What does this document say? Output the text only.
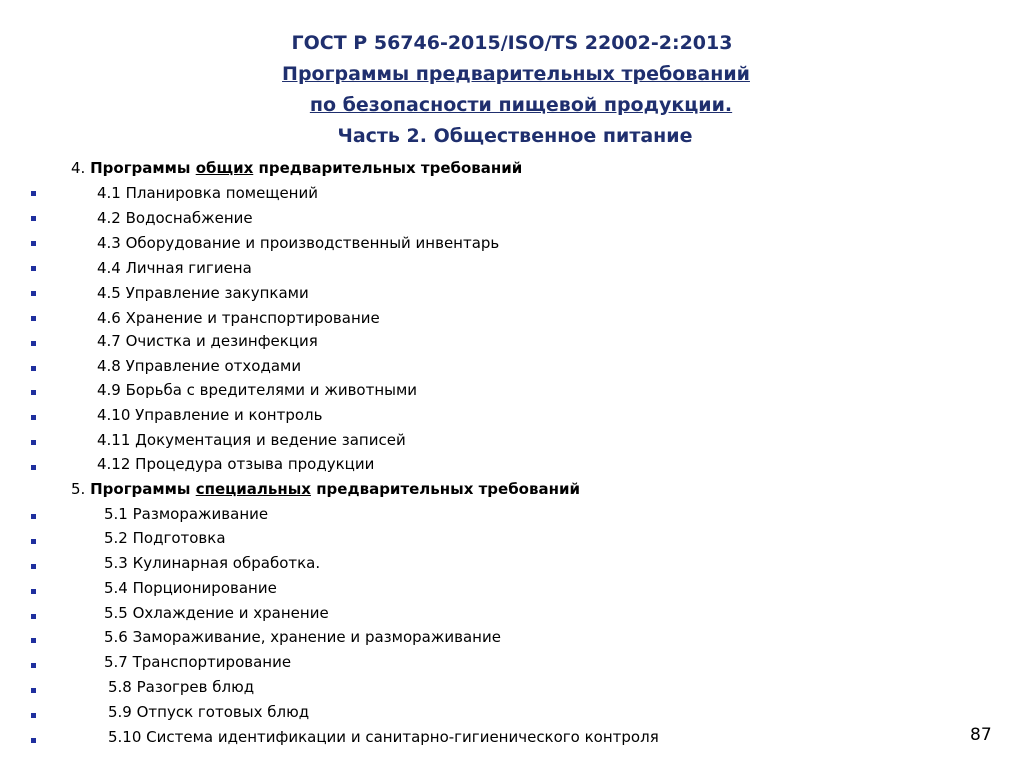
ГОСТ Р 56746-2015/ISO/TS 22002-2:2013
Программы предварительных требований
по безопасности пищевой продукции.
Часть 2. Общественное питание
4. Программы общих предварительных требований
4.1 Планировка помещений
4.2 Водоснабжение
4.3 Оборудование и производственный инвентарь
4.4 Личная гигиена
4.5 Управление закупками
4.6 Хранение и транспортирование
4.7 Очистка и дезинфекция
4.8 Управление отходами
4.9 Борьба с вредителями и животными
4.10 Управление и контроль
4.11 Документация и ведение записей
4.12 Процедура отзыва продукции
5. Программы специальных предварительных требований
5.1 Размораживание
5.2 Подготовка
5.3 Кулинарная обработка.
5.4 Порционирование
5.5 Охлаждение и хранение
5.6 Замораживание, хранение и размораживание
5.7 Транспортирование
5.8 Разогрев блюд
5.9 Отпуск готовых блюд
5.10 Система идентификации и санитарно-гигиенического контроля	87
